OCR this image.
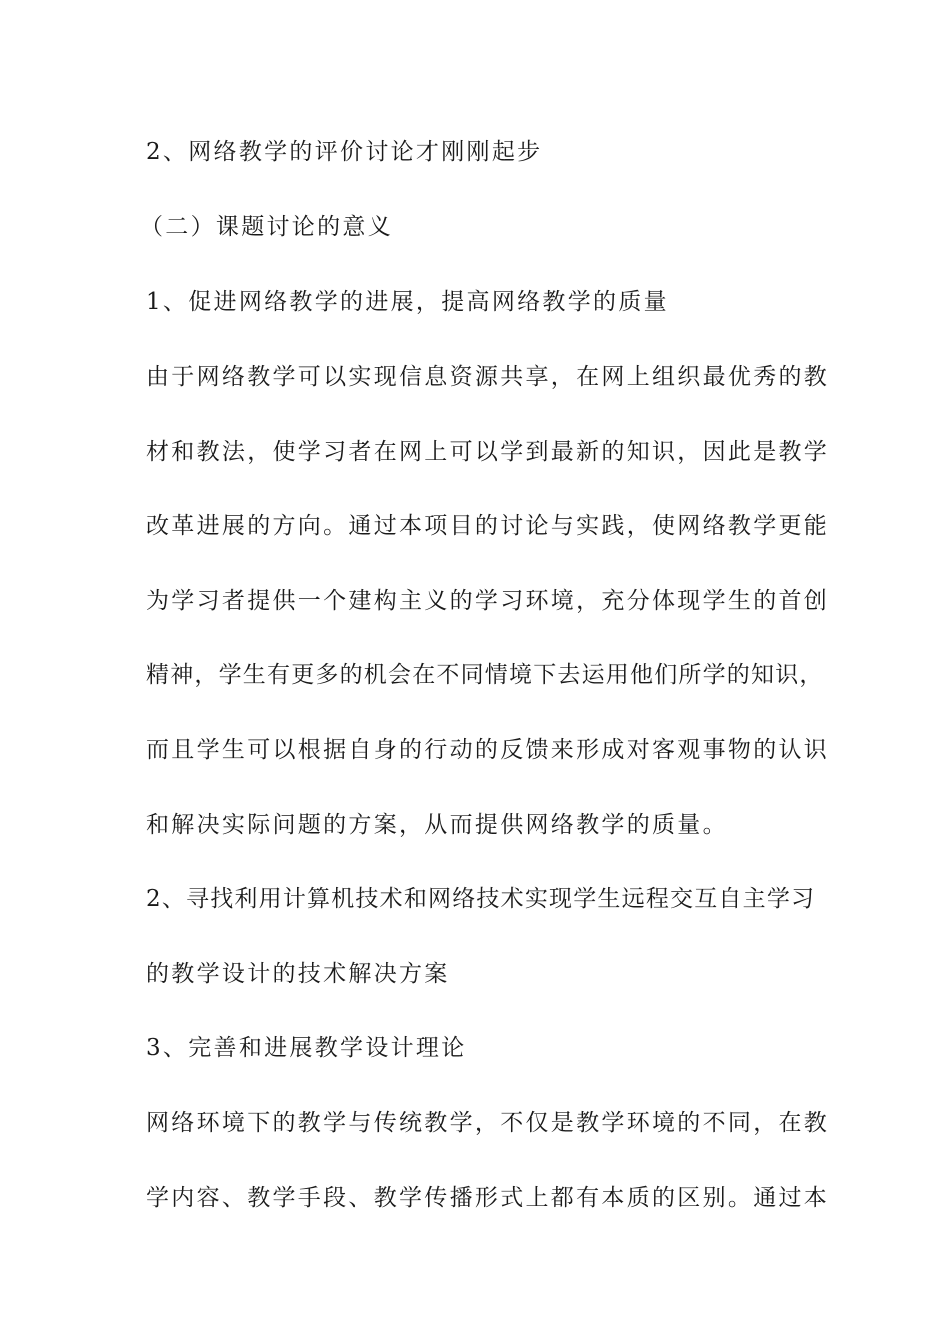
2、网络教学的评价讨论才刚刚起步
（二）课题讨论的意义
1、促进网络教学的进展，提高网络教学的质量
由于网络教学可以实现信息资源共享，在网上组织最优秀的教
材和教法，使学习者在网上可以学到最新的知识，因此是教学
改革进展的方向。通过本项目的讨论与实践，使网络教学更能
为学习者提供一个建构主义的学习环境，充分体现学生的首创
精神，学生有更多的机会在不同情境下去运用他们所学的知识，
而且学生可以根据自身的行动的反馈来形成对客观事物的认识
和解决实际问题的方案，从而提供网络教学的质量。
2、寻找利用计算机技术和网络技术实现学生远程交互自主学习
的教学设计的技术解决方案
3、完善和进展教学设计理论
网络环境下的教学与传统教学，不仅是教学环境的不同，在教
学内容、教学手段、教学传播形式上都有本质的区别。通过本
